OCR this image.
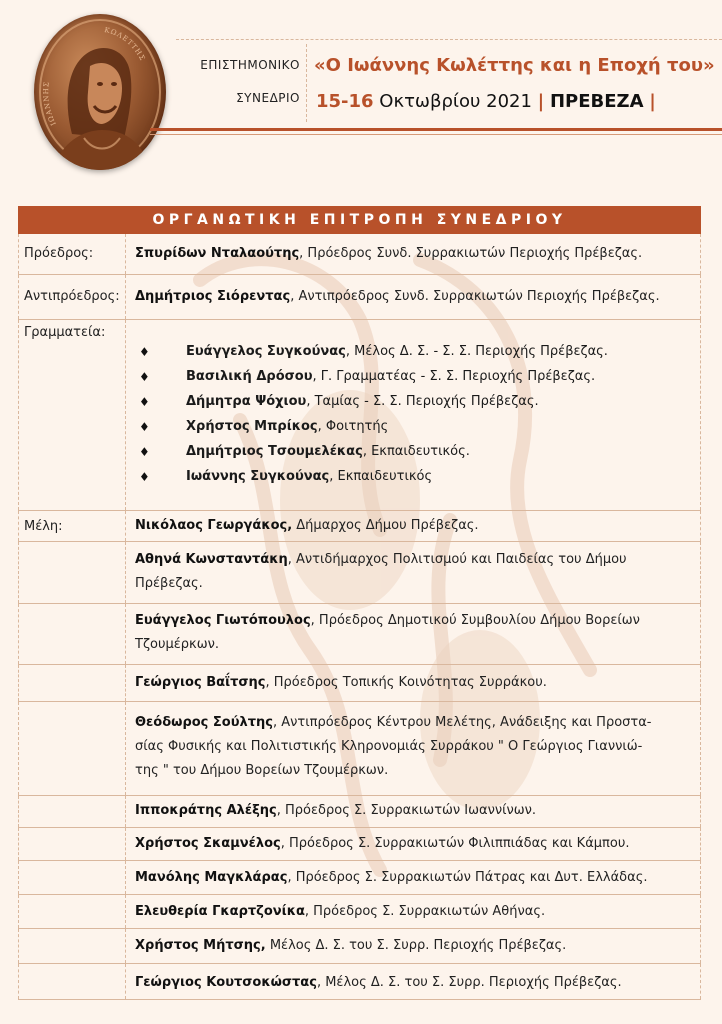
ΙΩΑΝΝΗΣ
ΚΩΛΕΤΤΗΣ	ΕΠΙΣΤΗΜΟΝΙΚΟ
ΣΥΝΕΔΡΙΟ
«Ο Ιωάννης Κωλέττης και η Εποχή του»
15-16 Οκτωβρίου 2021 | ΠΡΕΒΕΖΑ |
ΟΡΓΑΝΩΤΙΚΗ ΕΠΙΤΡΟΠΗ ΣΥΝΕΔΡΙΟΥ
Πρόεδρος:	Σπυρίδων Νταλαούτης, Πρόεδρος Συνδ. Συρρακιωτών Περιοχής Πρέβεζας.
Αντιπρόεδρος:	Δημήτριος Σιόρεντας, Αντιπρόεδρος Συνδ. Συρρακιωτών Περιοχής Πρέβεζας.
Γραμματεία:
♦	Ευάγγελος Συγκούνας, Μέλος Δ. Σ. - Σ. Σ. Περιοχής Πρέβεζας.
♦	Βασιλική Δρόσου, Γ. Γραμματέας - Σ. Σ. Περιοχής Πρέβεζας.
♦	Δήμητρα Ψόχιου, Ταμίας - Σ. Σ. Περιοχής Πρέβεζας.
♦	Χρήστος Μπρίκος, Φοιτητής
♦	Δημήτριος Τσουμελέκας, Εκπαιδευτικός.
♦	Ιωάννης Συγκούνας, Εκπαιδευτικός
Μέλη:	Νικόλαος Γεωργάκος, Δήμαρχος Δήμου Πρέβεζας.
Αθηνά Κωνσταντάκη, Αντιδήμαρχος Πολιτισμού και Παιδείας του Δήμου
Πρέβεζας.
Ευάγγελος Γιωτόπουλος, Πρόεδρος Δημοτικού Συμβουλίου Δήμου Βορείων
Τζουμέρκων.
Γεώργιος Βαΐτσης, Πρόεδρος Τοπικής Κοινότητας Συρράκου.
Θεόδωρος Σούλτης, Αντιπρόεδρος Κέντρου Μελέτης, Ανάδειξης και Προστα-
σίας Φυσικής και Πολιτιστικής Κληρονομιάς Συρράκου " Ο Γεώργιος Γιαννιώ-
της " του Δήμου Βορείων Τζουμέρκων.
Ιπποκράτης Αλέξης, Πρόεδρος Σ. Συρρακιωτών Ιωαννίνων.
Χρήστος Σκαμνέλος, Πρόεδρος Σ. Συρρακιωτών Φιλιππιάδας και Κάμπου.
Μανόλης Μαγκλάρας, Πρόεδρος Σ. Συρρακιωτών Πάτρας και Δυτ. Ελλάδας.
Ελευθερία Γκαρτζονίκα, Πρόεδρος Σ. Συρρακιωτών Αθήνας.
Χρήστος Μήτσης, Μέλος Δ. Σ. του Σ. Συρρ. Περιοχής Πρέβεζας.
Γεώργιος Κουτσοκώστας, Μέλος Δ. Σ. του Σ. Συρρ. Περιοχής Πρέβεζας.
